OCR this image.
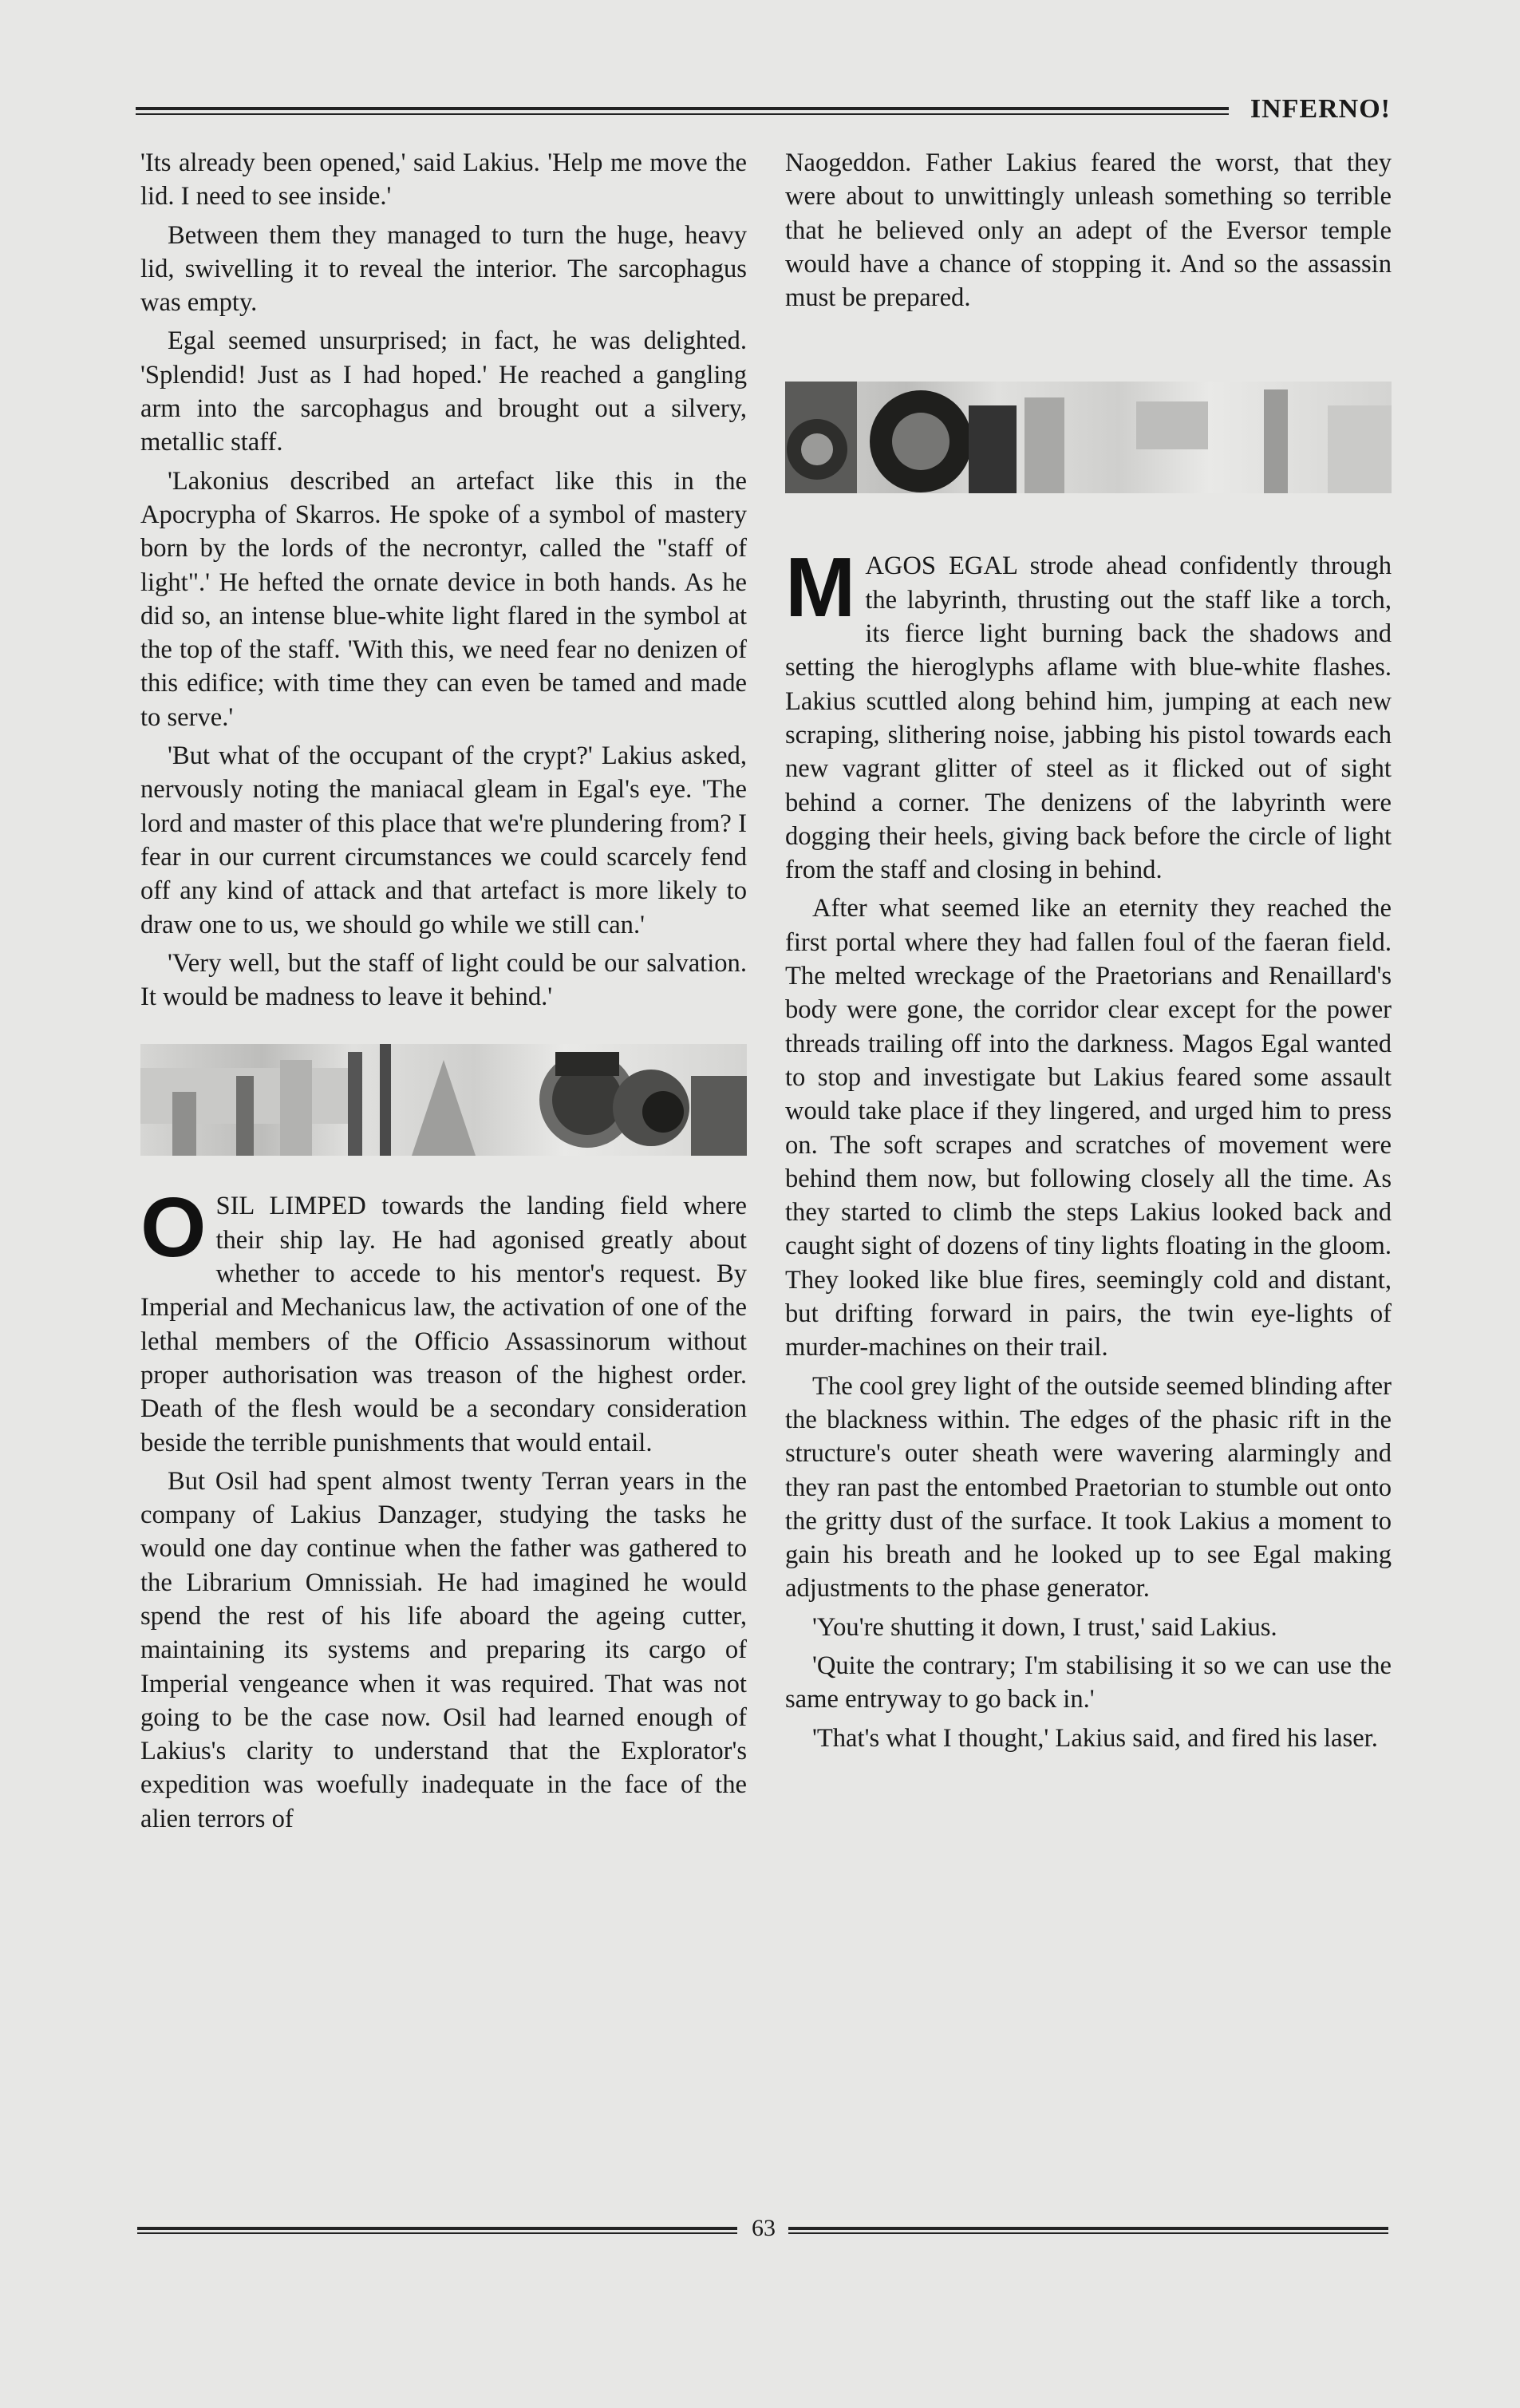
INFERNO!

'Its already been opened,' said Lakius. 'Help me move the lid. I need to see inside.'

Between them they managed to turn the huge, heavy lid, swivelling it to reveal the interior. The sarcophagus was empty.

Egal seemed unsurprised; in fact, he was delighted. 'Splendid! Just as I had hoped.' He reached a gangling arm into the sarcophagus and brought out a silvery, metallic staff.

'Lakonius described an artefact like this in the Apocrypha of Skarros. He spoke of a symbol of mastery born by the lords of the necrontyr, called the "staff of light".' He hefted the ornate device in both hands. As he did so, an intense blue-white light flared in the symbol at the top of the staff. 'With this, we need fear no denizen of this edifice; with time they can even be tamed and made to serve.'

'But what of the occupant of the crypt?' Lakius asked, nervously noting the maniacal gleam in Egal's eye. 'The lord and master of this place that we're plundering from? I fear in our current circumstances we could scarcely fend off any kind of attack and that artefact is more likely to draw one to us, we should go while we still can.'

'Very well, but the staff of light could be our salvation. It would be madness to leave it behind.'

OSIL LIMPED towards the landing field where their ship lay. He had agonised greatly about whether to accede to his mentor's request. By Imperial and Mechanicus law, the activation of one of the lethal members of the Officio Assassinorum without proper authorisation was treason of the highest order. Death of the flesh would be a secondary consideration beside the terrible punishments that would entail.

But Osil had spent almost twenty Terran years in the company of Lakius Danzager, studying the tasks he would one day continue when the father was gathered to the Librarium Omnissiah. He had imagined he would spend the rest of his life aboard the ageing cutter, maintaining its systems and preparing its cargo of Imperial vengeance when it was required. That was not going to be the case now. Osil had learned enough of Lakius's clarity to understand that the Explorator's expedition was woefully inadequate in the face of the alien terrors of

Naogeddon. Father Lakius feared the worst, that they were about to unwittingly unleash something so terrible that he believed only an adept of the Eversor temple would have a chance of stopping it. And so the assassin must be prepared.

MAGOS EGAL strode ahead confidently through the labyrinth, thrusting out the staff like a torch, its fierce light burning back the shadows and setting the hieroglyphs aflame with blue-white flashes. Lakius scuttled along behind him, jumping at each new scraping, slithering noise, jabbing his pistol towards each new vagrant glitter of steel as it flicked out of sight behind a corner. The denizens of the labyrinth were dogging their heels, giving back before the circle of light from the staff and closing in behind.

After what seemed like an eternity they reached the first portal where they had fallen foul of the faeran field. The melted wreckage of the Praetorians and Renaillard's body were gone, the corridor clear except for the power threads trailing off into the darkness. Magos Egal wanted to stop and investigate but Lakius feared some assault would take place if they lingered, and urged him to press on. The soft scrapes and scratches of movement were behind them now, but following closely all the time. As they started to climb the steps Lakius looked back and caught sight of dozens of tiny lights floating in the gloom. They looked like blue fires, seemingly cold and distant, but drifting forward in pairs, the twin eye-lights of murder-machines on their trail.

The cool grey light of the outside seemed blinding after the blackness within. The edges of the phasic rift in the structure's outer sheath were wavering alarmingly and they ran past the entombed Praetorian to stumble out onto the gritty dust of the surface. It took Lakius a moment to gain his breath and he looked up to see Egal making adjustments to the phase generator.

'You're shutting it down, I trust,' said Lakius.

'Quite the contrary; I'm stabilising it so we can use the same entryway to go back in.'

'That's what I thought,' Lakius said, and fired his laser.

63
